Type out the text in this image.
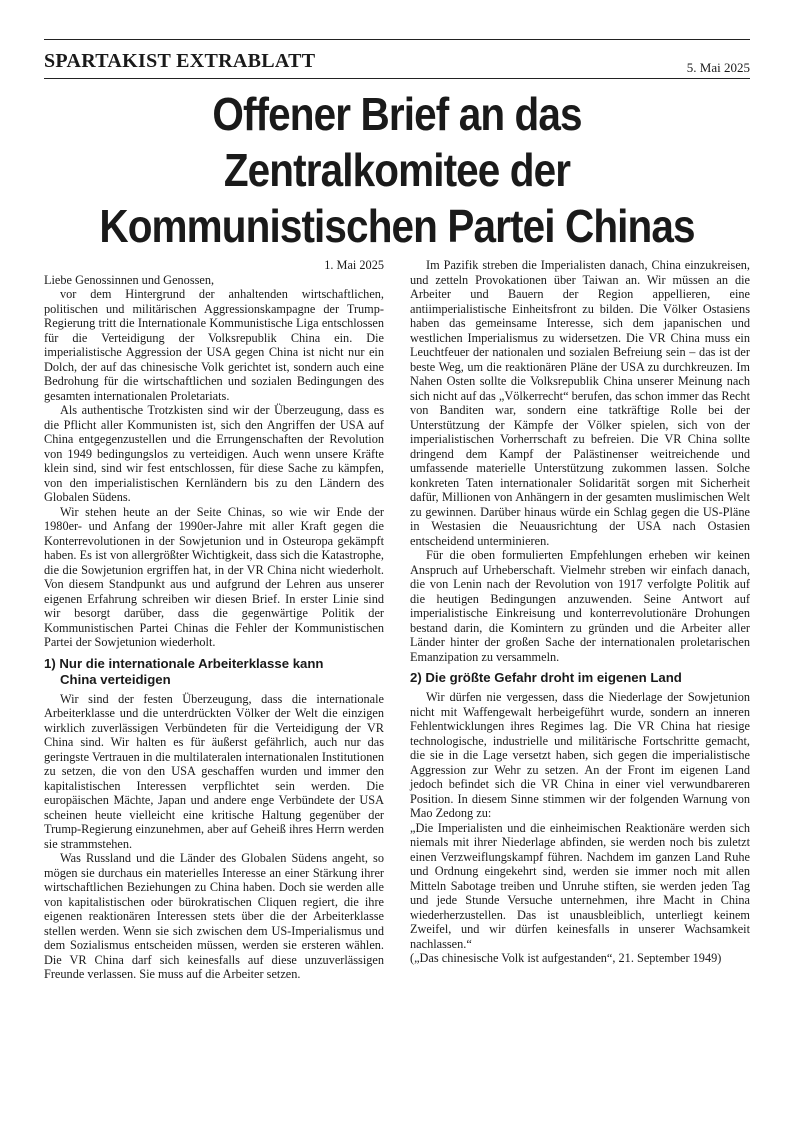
SPARTAKIST EXTRABLATT	5. Mai 2025
Offener Brief an das
Zentralkomitee der
Kommunistischen Partei Chinas

1. Mai 2025

Liebe Genossinnen und Genossen,

vor dem Hintergrund der anhaltenden wirtschaftlichen, politischen und militärischen Aggressionskampagne der Trump-Regierung tritt die Internationale Kommunistische Liga entschlossen für die Verteidigung der Volksrepublik China ein. Die imperialistische Aggression der USA gegen China ist nicht nur ein Dolch, der auf das chinesische Volk gerichtet ist, sondern auch eine Bedrohung für die wirtschaftlichen und sozialen Bedingungen des gesamten internationalen Proletariats.

Als authentische Trotzkisten sind wir der Überzeugung, dass es die Pflicht aller Kommunisten ist, sich den Angriffen der USA auf China entgegenzustellen und die Errungenschaften der Revolution von 1949 bedingungslos zu verteidigen. Auch wenn unsere Kräfte klein sind, sind wir fest entschlossen, für diese Sache zu kämpfen, von den imperialistischen Kernländern bis zu den Ländern des Globalen Südens.

Wir stehen heute an der Seite Chinas, so wie wir Ende der 1980er- und Anfang der 1990er-Jahre mit aller Kraft gegen die Konterrevolutionen in der Sowjetunion und in Osteuropa gekämpft haben. Es ist von allergrößter Wichtigkeit, dass sich die Katastrophe, die die Sowjetunion ergriffen hat, in der VR China nicht wiederholt. Von diesem Standpunkt aus und aufgrund der Lehren aus unserer eigenen Erfahrung schreiben wir diesen Brief. In erster Linie sind wir besorgt darüber, dass die gegenwärtige Politik der Kommunistischen Partei Chinas die Fehler der Kommunistischen Partei der Sowjetunion wiederholt.

1) Nur die internationale Arbeiterklasse kann
China verteidigen

Wir sind der festen Überzeugung, dass die internationale Arbeiterklasse und die unterdrückten Völker der Welt die einzigen wirklich zuverlässigen Verbündeten für die Verteidigung der VR China sind. Wir halten es für äußerst gefährlich, auch nur das geringste Vertrauen in die multilateralen internationalen Institutionen zu setzen, die von den USA geschaffen wurden und immer den kapitalistischen Interessen verpflichtet sein werden. Die europäischen Mächte, Japan und andere enge Verbündete der USA scheinen heute vielleicht eine kritische Haltung gegenüber der Trump-Regierung einzunehmen, aber auf Geheiß ihres Herrn werden sie strammstehen.

Was Russland und die Länder des Globalen Südens angeht, so mögen sie durchaus ein materielles Interesse an einer Stärkung ihrer wirtschaftlichen Beziehungen zu China haben. Doch sie werden alle von kapitalistischen oder bürokratischen Cliquen regiert, die ihre eigenen reaktionären Interessen stets über die der Arbeiterklasse stellen werden. Wenn sie sich zwischen dem US-Imperialismus und dem Sozialismus entscheiden müssen, werden sie ersteren wählen. Die VR China darf sich keinesfalls auf diese unzuverlässigen Freunde verlassen. Sie muss auf die Arbeiter setzen.

Im Pazifik streben die Imperialisten danach, China einzukreisen, und zetteln Provokationen über Taiwan an. Wir müssen an die Arbeiter und Bauern der Region appellieren, eine antiimperialistische Einheitsfront zu bilden. Die Völker Ostasiens haben das gemeinsame Interesse, sich dem japanischen und westlichen Imperialismus zu widersetzen. Die VR China muss ein Leuchtfeuer der nationalen und sozialen Befreiung sein – das ist der beste Weg, um die reaktionären Pläne der USA zu durchkreuzen. Im Nahen Osten sollte die Volksrepublik China unserer Meinung nach sich nicht auf das „Völkerrecht“ berufen, das schon immer das Recht von Banditen war, sondern eine tatkräftige Rolle bei der Unterstützung der Kämpfe der Völker spielen, sich von der imperialistischen Vorherrschaft zu befreien. Die VR China sollte dringend dem Kampf der Palästinenser weitreichende und umfassende materielle Unterstützung zukommen lassen. Solche konkreten Taten internationaler Solidarität sorgen mit Sicherheit dafür, Millionen von Anhängern in der gesamten muslimischen Welt zu gewinnen. Darüber hinaus würde ein Schlag gegen die US-Pläne in Westasien die Neuausrichtung der USA nach Ostasien entscheidend unterminieren.

Für die oben formulierten Empfehlungen erheben wir keinen Anspruch auf Urheberschaft. Vielmehr streben wir einfach danach, die von Lenin nach der Revolution von 1917 verfolgte Politik auf die heutigen Bedingungen anzuwenden. Seine Antwort auf imperialistische Einkreisung und konterrevolutionäre Drohungen bestand darin, die Komintern zu gründen und die Arbeiter aller Länder hinter der großen Sache der internationalen proletarischen Emanzipation zu versammeln.

2) Die größte Gefahr droht im eigenen Land

Wir dürfen nie vergessen, dass die Niederlage der Sowjetunion nicht mit Waffengewalt herbeigeführt wurde, sondern an inneren Fehlentwicklungen ihres Regimes lag. Die VR China hat riesige technologische, industrielle und militärische Fortschritte gemacht, die sie in die Lage versetzt haben, sich gegen die imperialistische Aggression zur Wehr zu setzen. An der Front im eigenen Land jedoch befindet sich die VR China in einer viel verwundbareren Position. In diesem Sinne stimmen wir der folgenden Warnung von Mao Zedong zu:

„Die Imperialisten und die einheimischen Reaktionäre werden sich niemals mit ihrer Niederlage abfinden, sie werden noch bis zuletzt einen Verzweiflungskampf führen. Nachdem im ganzen Land Ruhe und Ordnung eingekehrt sind, werden sie immer noch mit allen Mitteln Sabotage treiben und Unruhe stiften, sie werden jeden Tag und jede Stunde Versuche unternehmen, ihre Macht in China wiederherzustellen. Das ist unausbleiblich, unterliegt keinem Zweifel, und wir dürfen keinesfalls in unserer Wachsamkeit nachlassen.“

(„Das chinesische Volk ist aufgestanden“, 21. September 1949)
